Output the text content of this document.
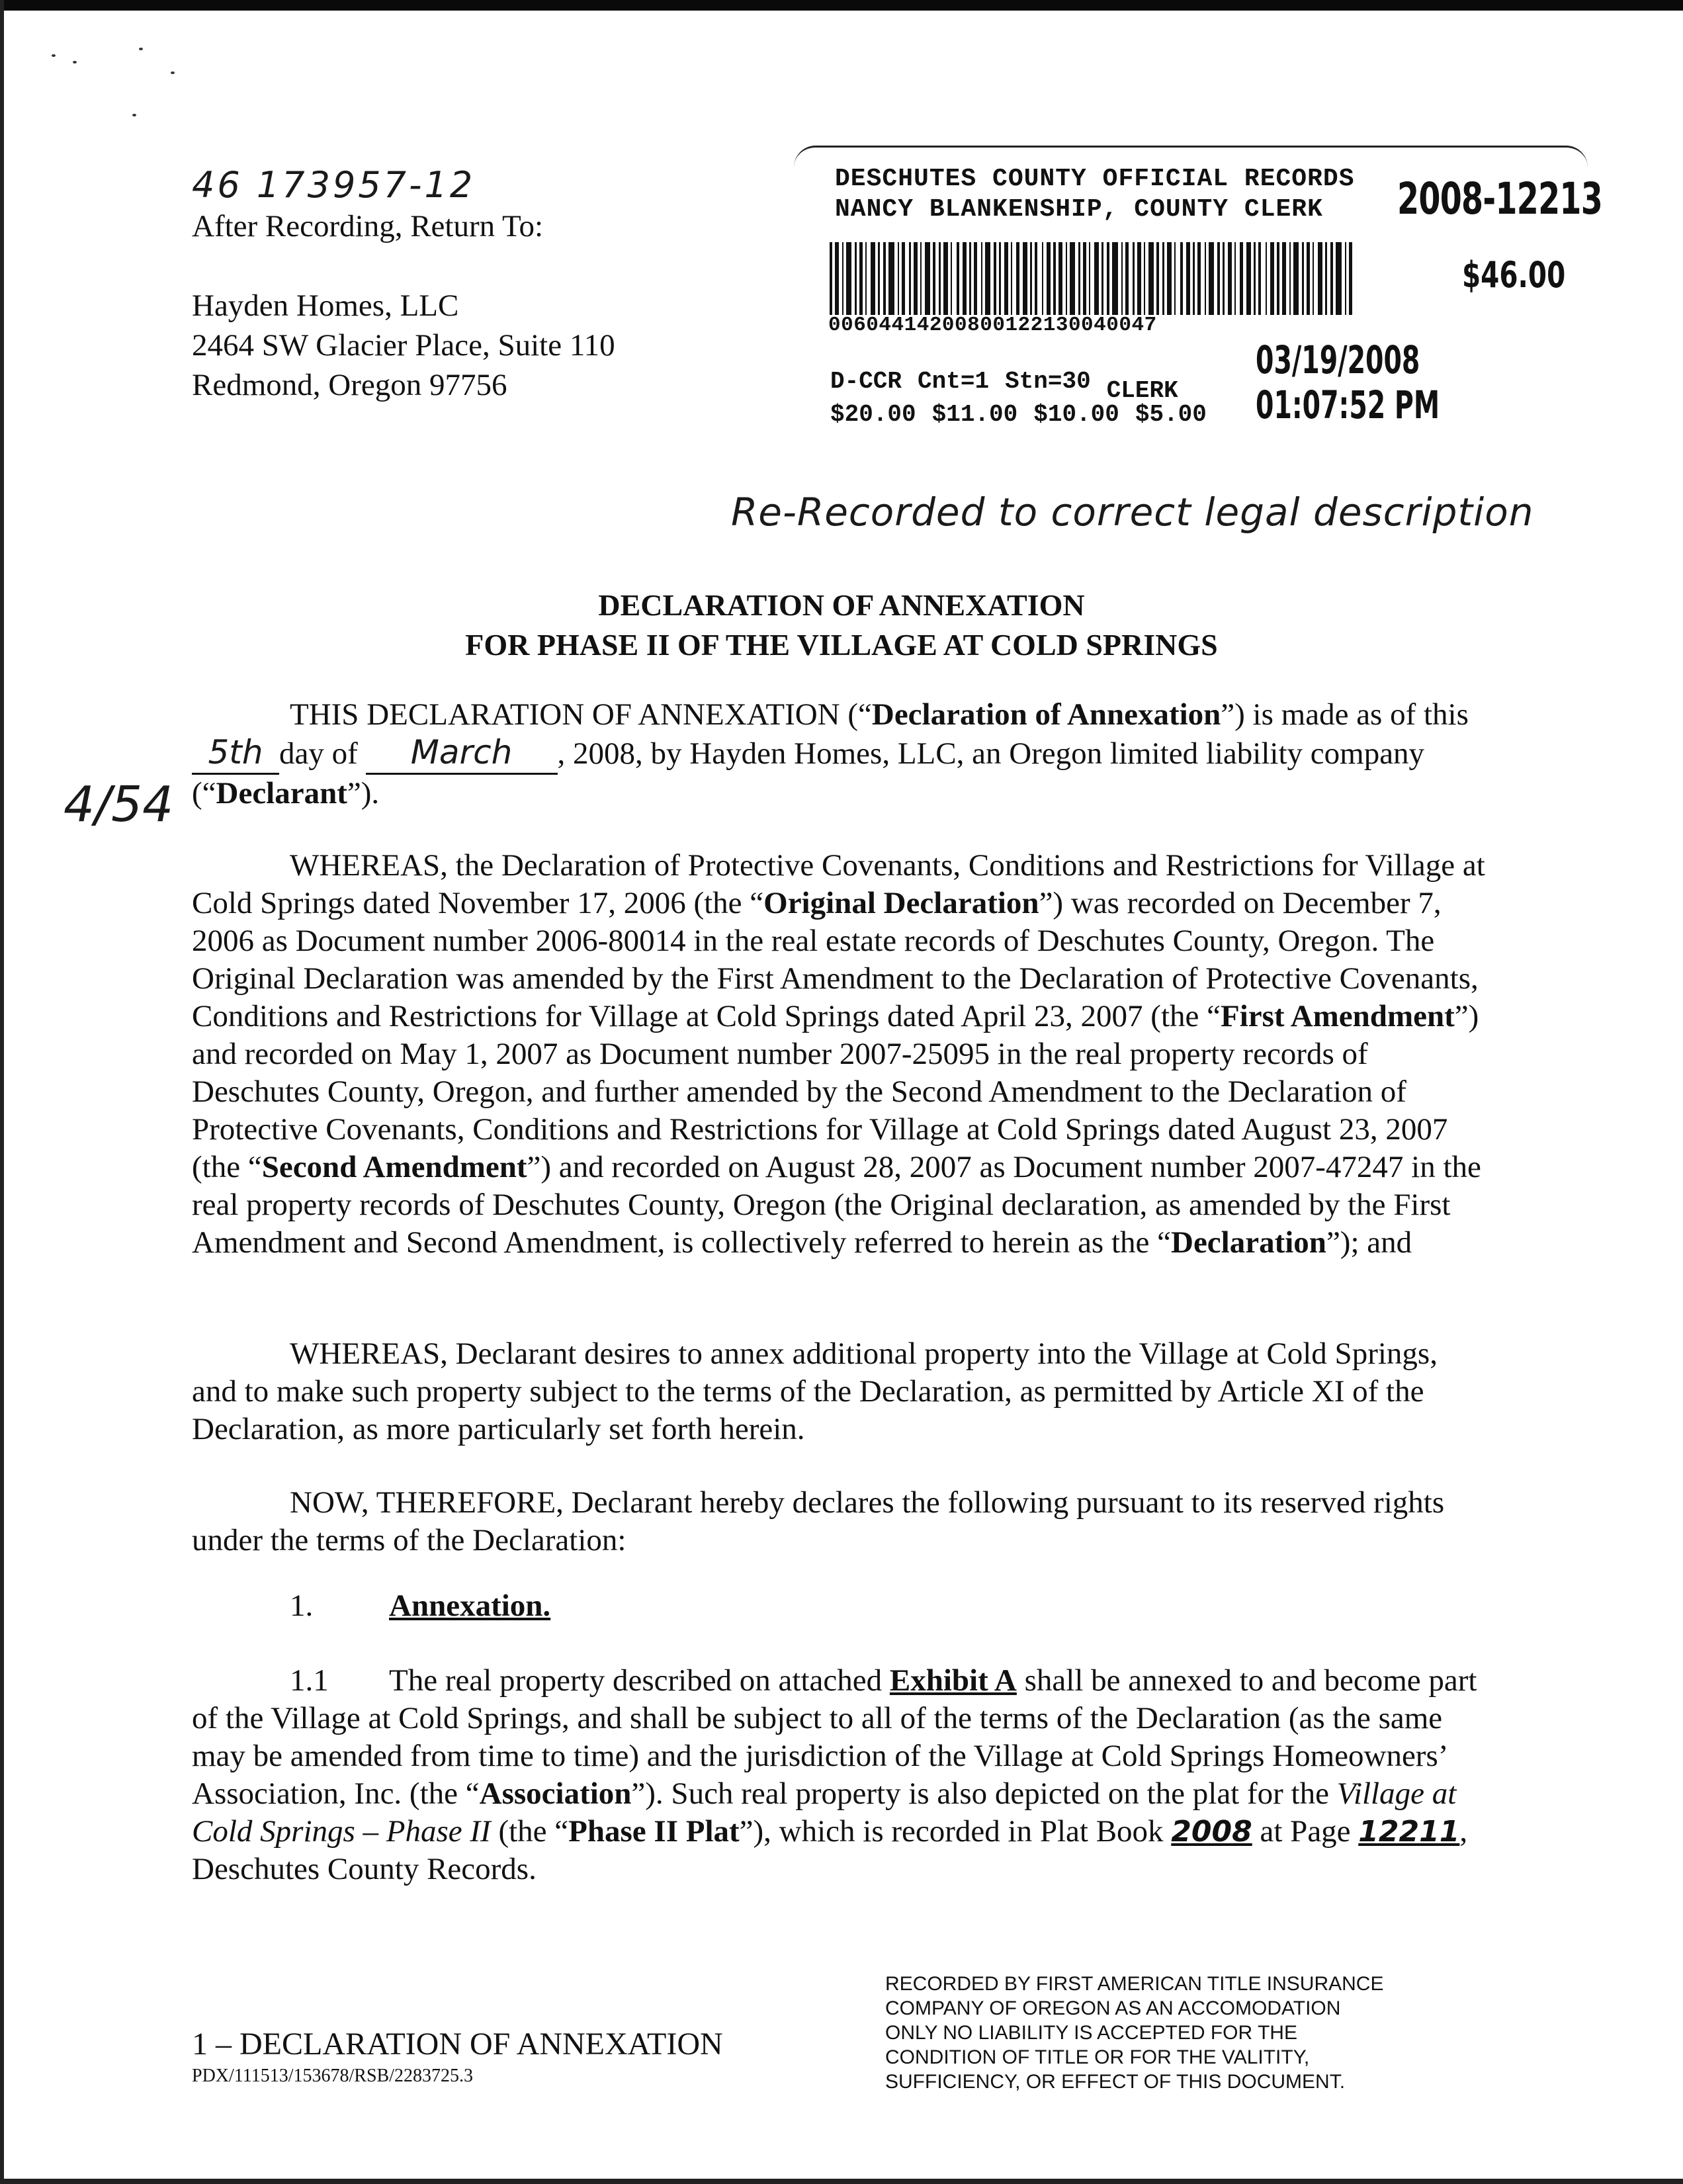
46 173957-12
After Recording, Return To:
Hayden Homes, LLC
2464 SW Glacier Place, Suite 110
Redmond, Oregon 97756
DESCHUTES COUNTY OFFICIAL RECORDS
NANCY BLANKENSHIP, COUNTY CLERK	2008-12213
$46.00
00604414200800122130040047
03/19/2008 01:07:52 PM
D-CCR Cnt=1 Stn=30 CLERK
$20.00 $11.00 $10.00 $5.00
Re-Recorded to correct legal description
4/54
DECLARATION OF ANNEXATION
FOR PHASE II OF THE VILLAGE AT COLD SPRINGS
THIS DECLARATION OF ANNEXATION (“Declaration of Annexation”) is made as of this 5th day of March , 2008, by Hayden Homes, LLC, an Oregon limited liability company (“Declarant”).
WHEREAS, the Declaration of Protective Covenants, Conditions and Restrictions for Village at Cold Springs dated November 17, 2006 (the “Original Declaration”) was recorded on December 7, 2006 as Document number 2006-80014 in the real estate records of Deschutes County, Oregon. The Original Declaration was amended by the First Amendment to the Declaration of Protective Covenants, Conditions and Restrictions for Village at Cold Springs dated April 23, 2007 (the “First Amendment”) and recorded on May 1, 2007 as Document number 2007-25095 in the real property records of Deschutes County, Oregon, and further amended by the Second Amendment to the Declaration of Protective Covenants, Conditions and Restrictions for Village at Cold Springs dated August 23, 2007 (the “Second Amendment”) and recorded on August 28, 2007 as Document number 2007-47247 in the real property records of Deschutes County, Oregon (the Original declaration, as amended by the First Amendment and Second Amendment, is collectively referred to herein as the “Declaration”); and
WHEREAS, Declarant desires to annex additional property into the Village at Cold Springs, and to make such property subject to the terms of the Declaration, as permitted by Article XI of the Declaration, as more particularly set forth herein.
NOW, THEREFORE, Declarant hereby declares the following pursuant to its reserved rights under the terms of the Declaration:
1. Annexation.
1.1 The real property described on attached Exhibit A shall be annexed to and become part of the Village at Cold Springs, and shall be subject to all of the terms of the Declaration (as the same may be amended from time to time) and the jurisdiction of the Village at Cold Springs Homeowners’ Association, Inc. (the “Association”). Such real property is also depicted on the plat for the Village at Cold Springs – Phase II (the “Phase II Plat”), which is recorded in Plat Book 2008 at Page 12211, Deschutes County Records.
1 – DECLARATION OF ANNEXATION
PDX/111513/153678/RSB/2283725.3
RECORDED BY FIRST AMERICAN TITLE INSURANCE COMPANY OF OREGON AS AN ACCOMODATION ONLY NO LIABILITY IS ACCEPTED FOR THE CONDITION OF TITLE OR FOR THE VALITITY, SUFFICIENCY, OR EFFECT OF THIS DOCUMENT.
